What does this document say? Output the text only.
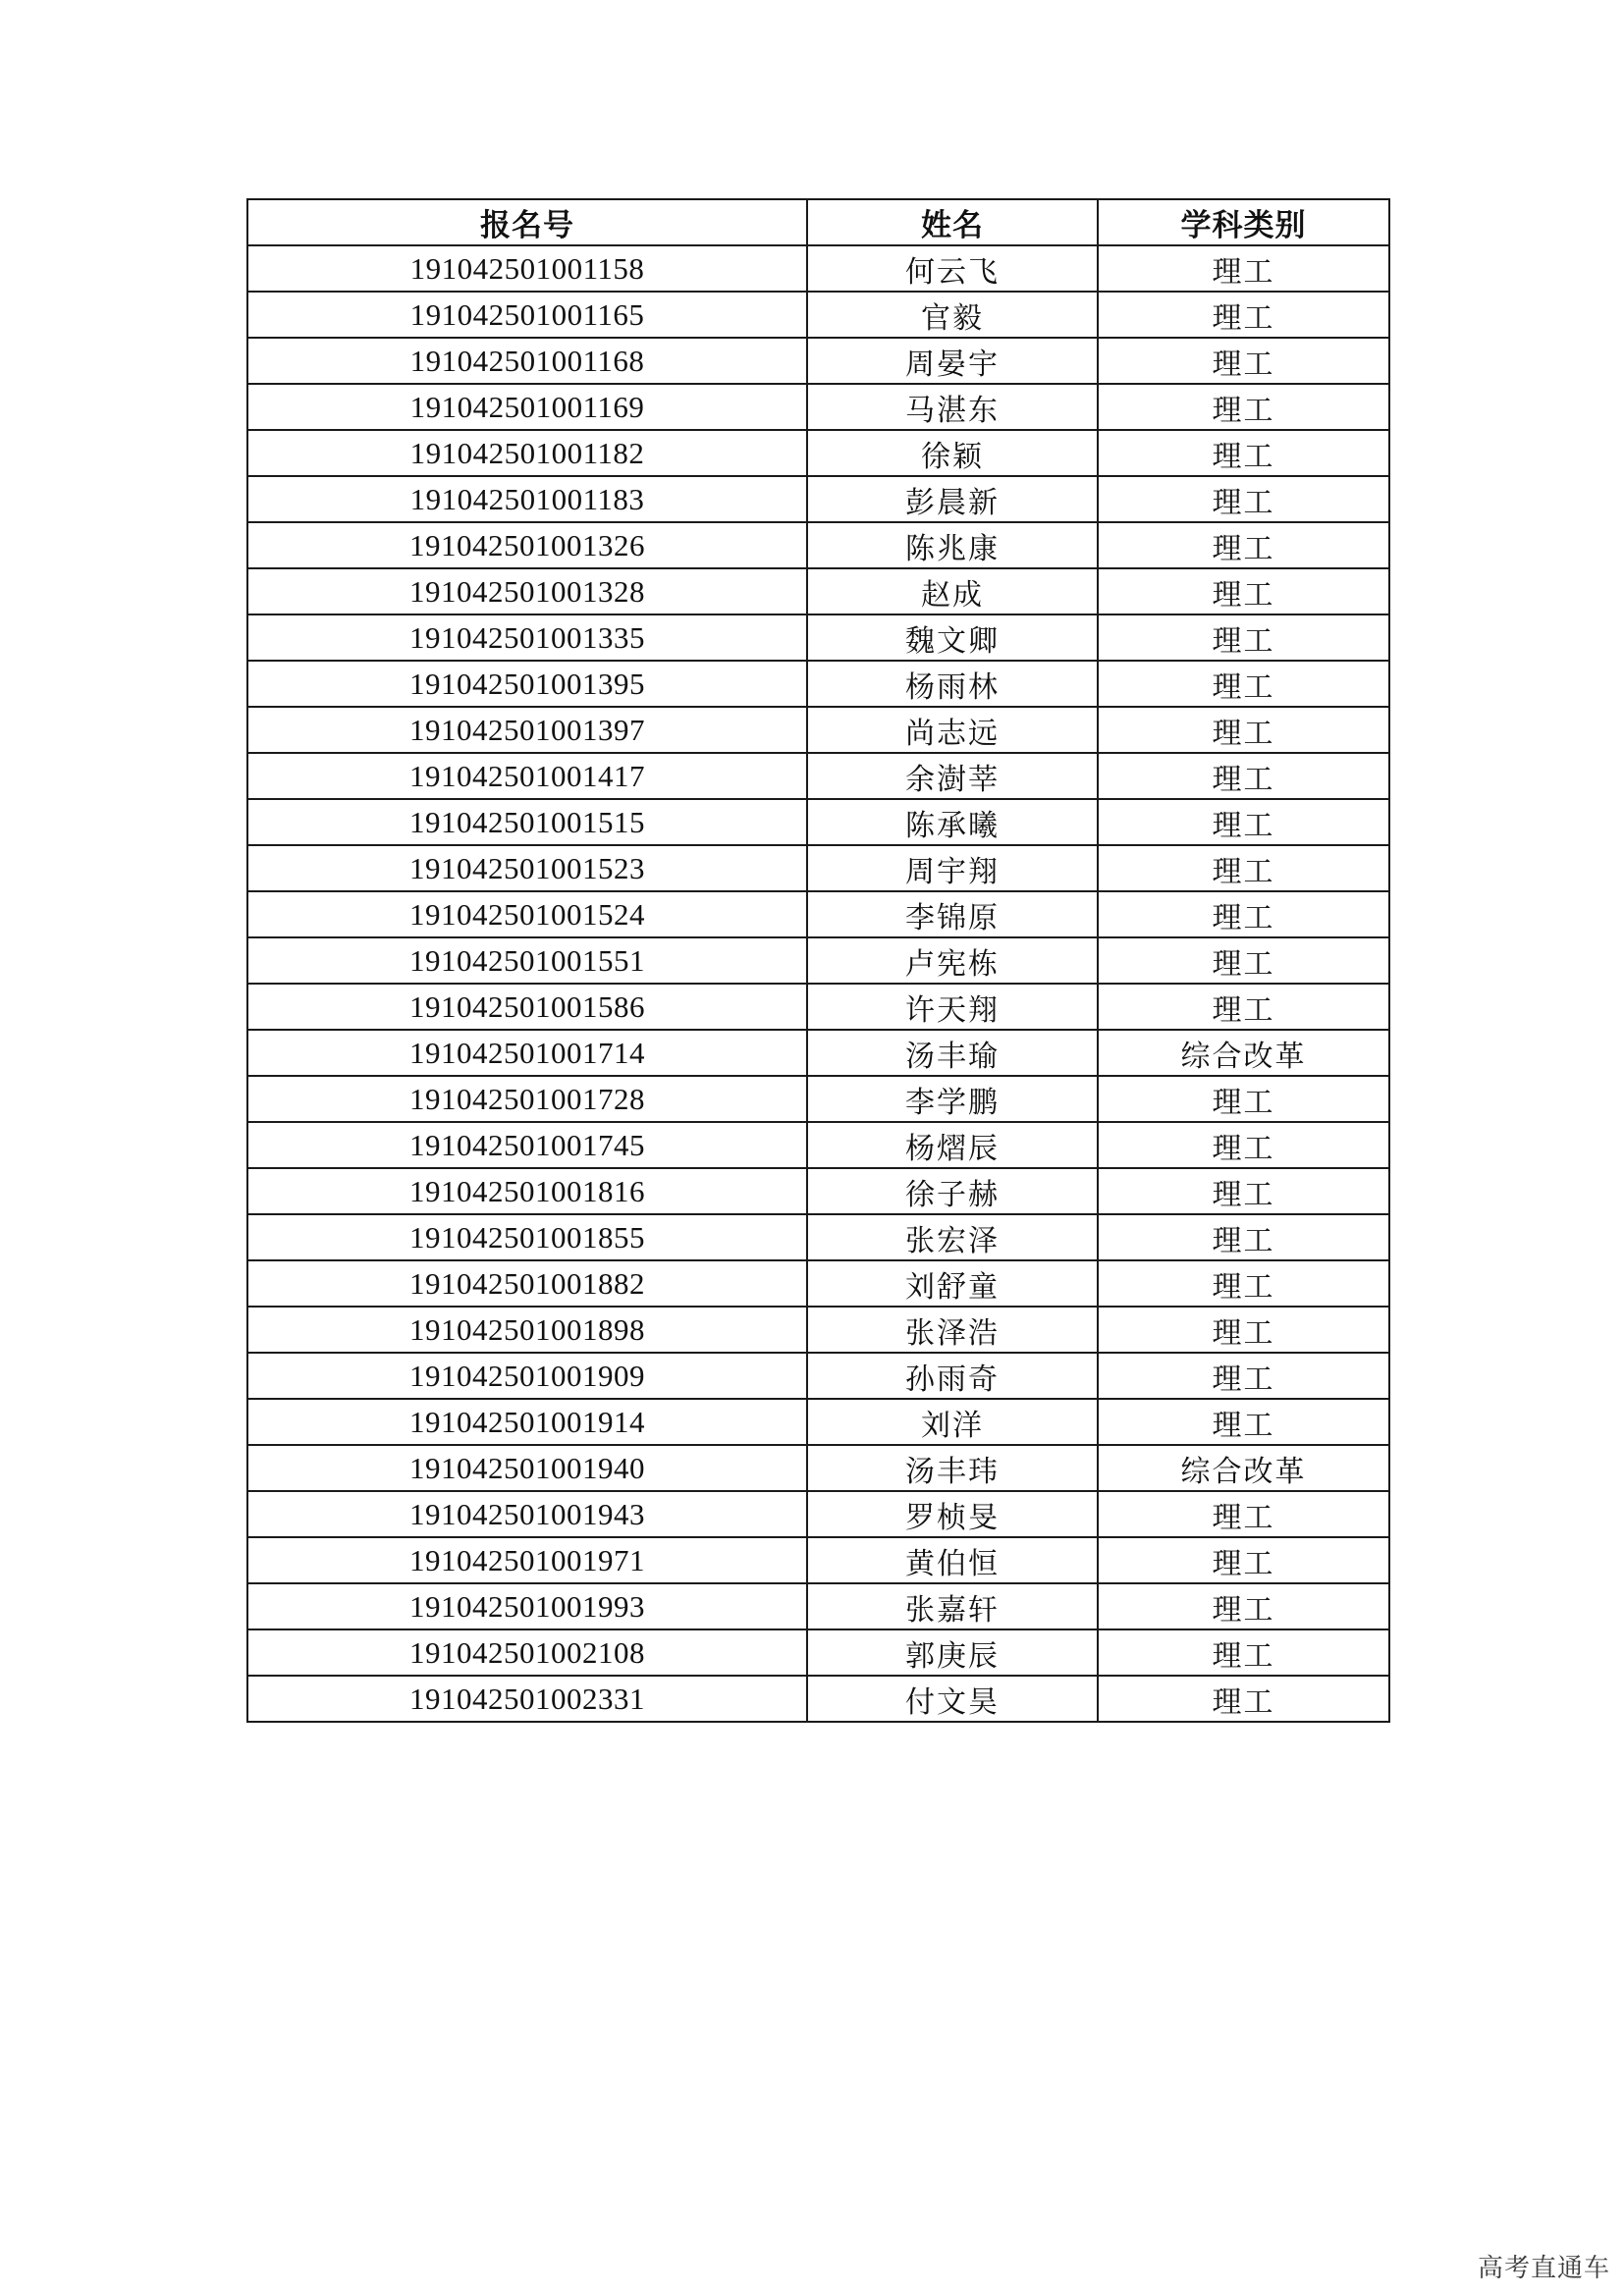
报名号	姓名	学科类别
191042501001158	何云飞	理工
191042501001165	官毅	理工
191042501001168	周晏宇	理工
191042501001169	马湛东	理工
191042501001182	徐颖	理工
191042501001183	彭晨新	理工
191042501001326	陈兆康	理工
191042501001328	赵成	理工
191042501001335	魏文卿	理工
191042501001395	杨雨林	理工
191042501001397	尚志远	理工
191042501001417	余澍莘	理工
191042501001515	陈承曦	理工
191042501001523	周宇翔	理工
191042501001524	李锦原	理工
191042501001551	卢宪栋	理工
191042501001586	许天翔	理工
191042501001714	汤丰瑜	综合改革
191042501001728	李学鹏	理工
191042501001745	杨熠辰	理工
191042501001816	徐子赫	理工
191042501001855	张宏泽	理工
191042501001882	刘舒童	理工
191042501001898	张泽浩	理工
191042501001909	孙雨奇	理工
191042501001914	刘洋	理工
191042501001940	汤丰玮	综合改革
191042501001943	罗桢旻	理工
191042501001971	黄伯恒	理工
191042501001993	张嘉轩	理工
191042501002108	郭庚辰	理工
191042501002331	付文昊	理工
高考直通车
